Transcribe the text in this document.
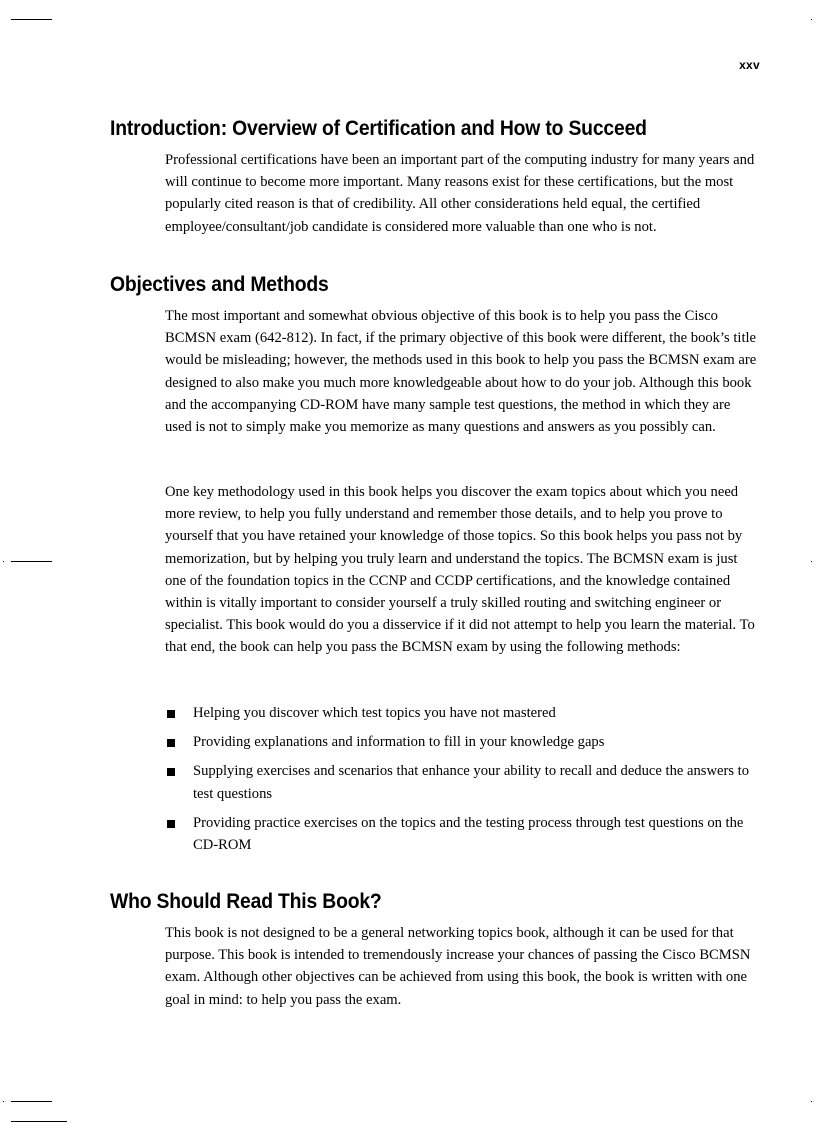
xxv
Introduction: Overview of Certification and How to Succeed

Professional certifications have been an important part of the computing industry for many years and will continue to become more important. Many reasons exist for these certifications, but the most popularly cited reason is that of credibility. All other considerations held equal, the certified employee/consultant/job candidate is considered more valuable than one who is not.

Objectives and Methods

The most important and somewhat obvious objective of this book is to help you pass the Cisco BCMSN exam (642-812). In fact, if the primary objective of this book were different, the book’s title would be misleading; however, the methods used in this book to help you pass the BCMSN exam are designed to also make you much more knowledgeable about how to do your job. Although this book and the accompanying CD-ROM have many sample test questions, the method in which they are used is not to simply make you memorize as many questions and answers as you possibly can.

One key methodology used in this book helps you discover the exam topics about which you need more review, to help you fully understand and remember those details, and to help you prove to yourself that you have retained your knowledge of those topics. So this book helps you pass not by memorization, but by helping you truly learn and understand the topics. The BCMSN exam is just one of the foundation topics in the CCNP and CCDP certifications, and the knowledge contained within is vitally important to consider yourself a truly skilled routing and switching engineer or specialist. This book would do you a disservice if it did not attempt to help you learn the material. To that end, the book can help you pass the BCMSN exam by using the following methods:

Helping you discover which test topics you have not mastered
Providing explanations and information to fill in your knowledge gaps
Supplying exercises and scenarios that enhance your ability to recall and deduce the answers to test questions
Providing practice exercises on the topics and the testing process through test questions on the CD-ROM
Who Should Read This Book?

This book is not designed to be a general networking topics book, although it can be used for that purpose. This book is intended to tremendously increase your chances of passing the Cisco BCMSN exam. Although other objectives can be achieved from using this book, the book is written with one goal in mind: to help you pass the exam.
